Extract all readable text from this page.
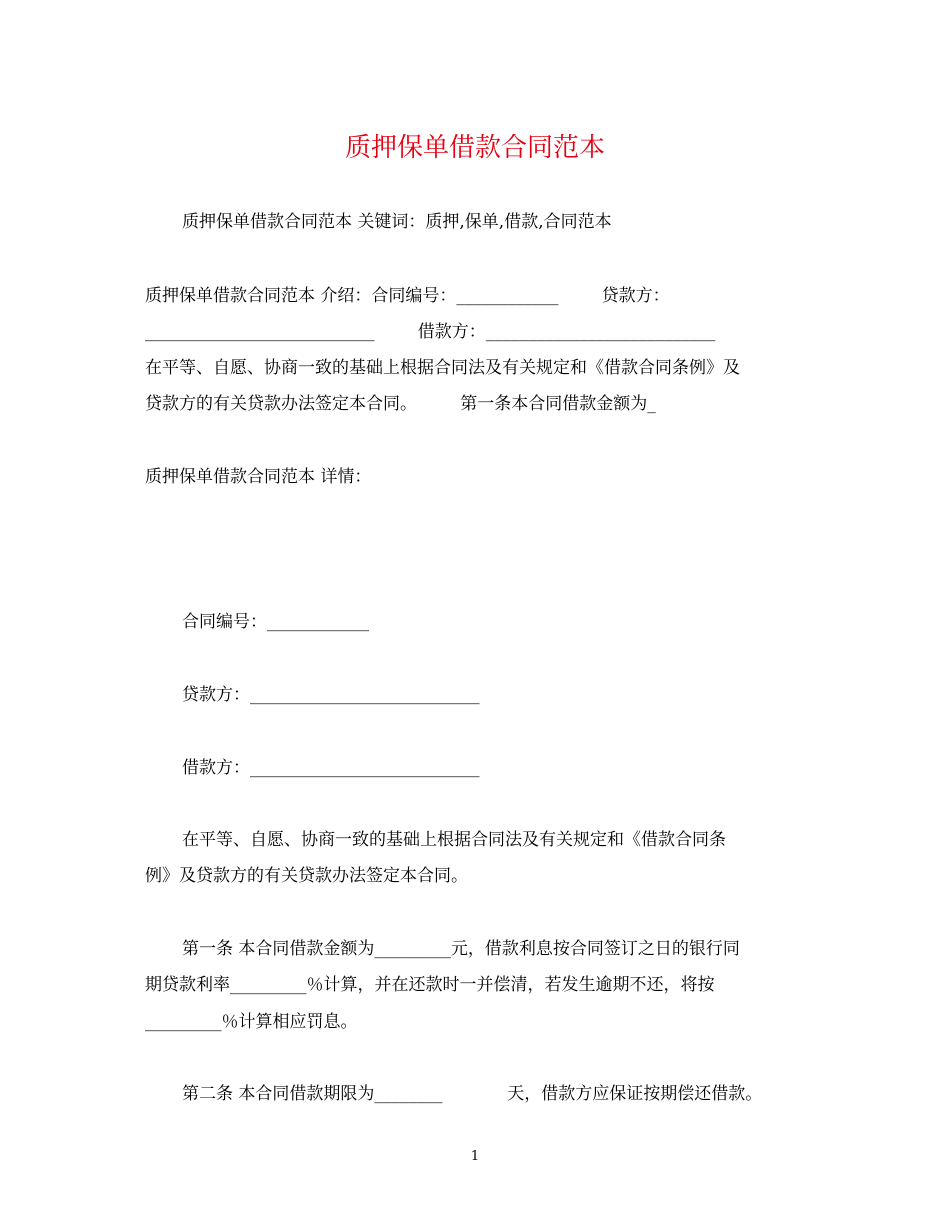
质押保单借款合同范本
质押保单借款合同范本 关键词：质押,保单,借款,合同范本
质押保单借款合同范本 介绍：合同编号：____________        贷款方：
___________________________        借款方：___________________________
在平等、自愿、协商一致的基础上根据合同法及有关规定和《借款合同条例》及
贷款方的有关贷款办法签定本合同。        第一条本合同借款金额为_
质押保单借款合同范本 详情：
合同编号：____________
贷款方：___________________________
借款方：___________________________
在平等、自愿、协商一致的基础上根据合同法及有关规定和《借款合同条
例》及贷款方的有关贷款办法签定本合同。
第一条 本合同借款金额为_________元，借款利息按合同签订之日的银行同
期贷款利率_________％计算，并在还款时一并偿清，若发生逾期不还，将按
_________％计算相应罚息。
第二条 本合同借款期限为________            天，借款方应保证按期偿还借款。
1
